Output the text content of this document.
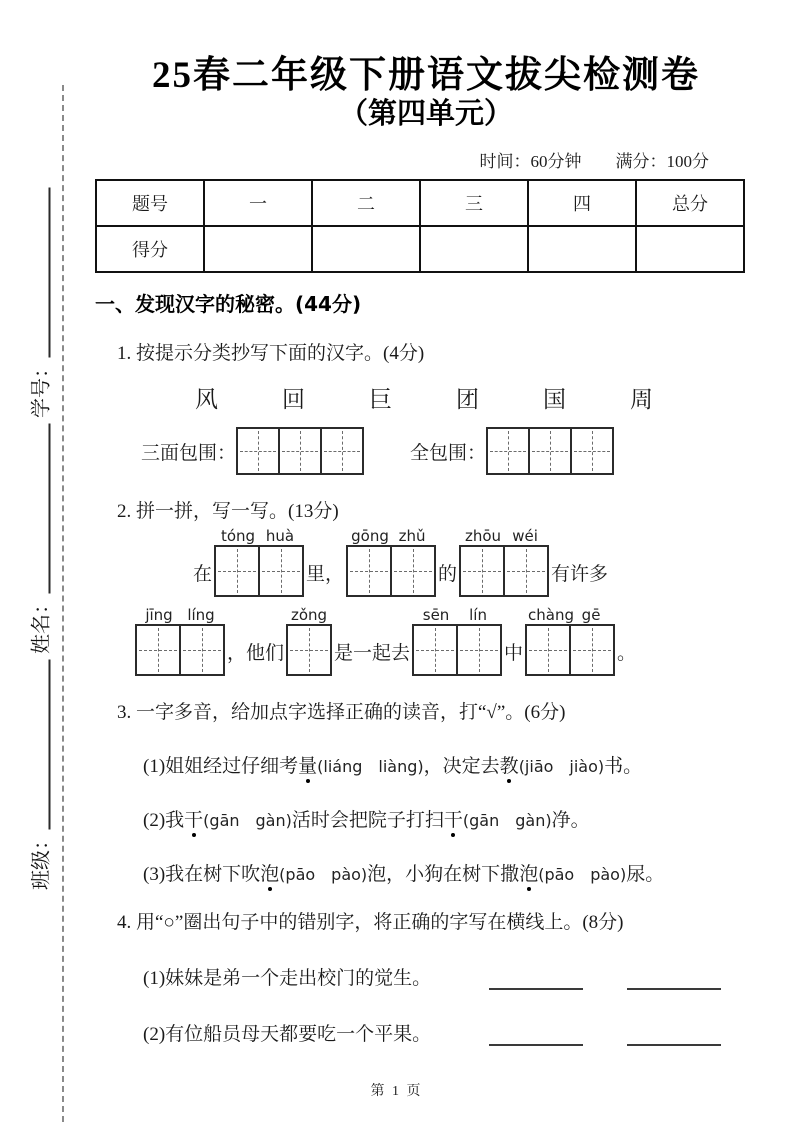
班级：
姓名：
学号：
25春二年级下册语文拔尖检测卷
（第四单元）
时间：60分钟 满分：100分
题号	一	二	三	四	总分
得分					
一、发现汉字的秘密。(44分)
1. 按提示分类抄写下面的汉字。(4分)
风	回	巨	团	国	周
三面包围：	全包围：
2. 拼一拼，写一写。(13分)
在
tóng huà
里，
gōng zhǔ
的
zhōu wéi
有许多
jīng líng
，他们
zǒng
是一起去
sēn	lín
中
chàng gē
。
3. 一字多音，给加点字选择正确的读音，打“√”。(6分)
(1)姐姐经过仔细考量(liáng　liàng)，决定去教(jiāo　jiào)书。
(2)我干(gān　gàn)活时会把院子打扫干(gān　gàn)净。
(3)我在树下吹泡(pāo　pào)泡，小狗在树下撒泡(pāo　pào)尿。
4. 用“○”圈出句子中的错别字，将正确的字写在横线上。(8分)
(1)妹妹是弟一个走出校门的觉生。
(2)有位船员母天都要吃一个平果。
第 1 页
